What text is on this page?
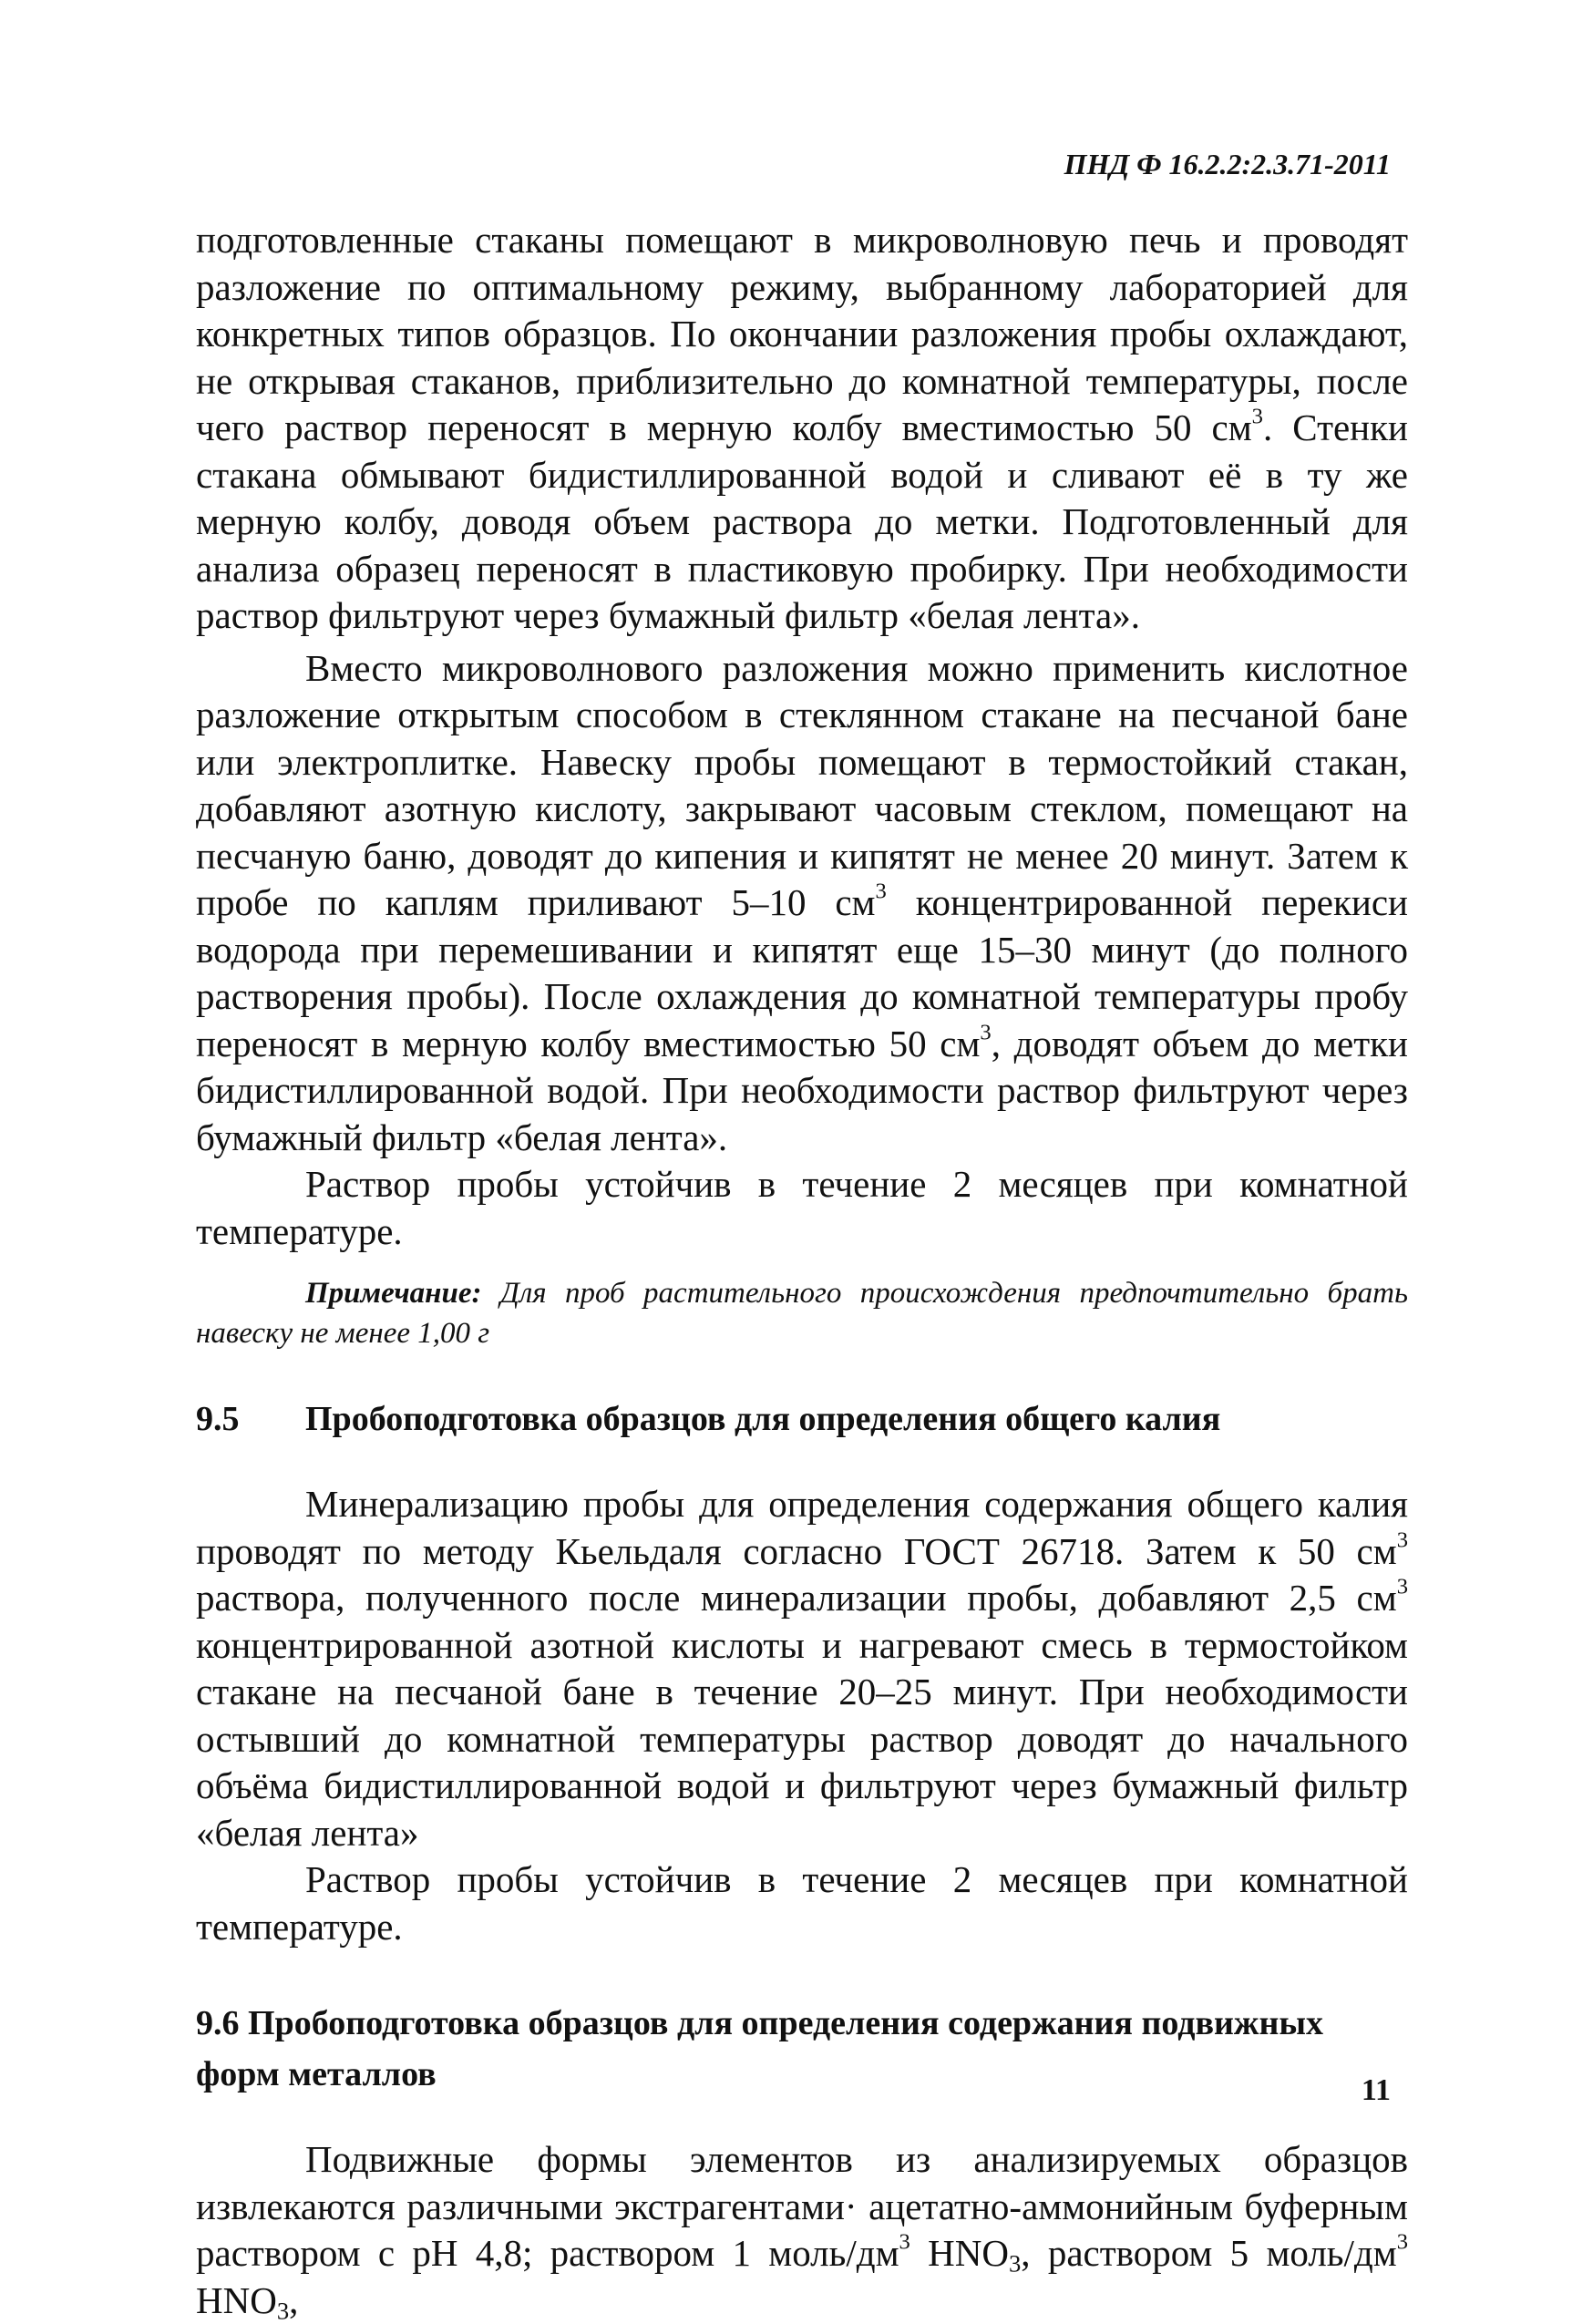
ПНД Ф 16.2.2:2.3.71-2011

подготовленные стаканы помещают в микроволновую печь и проводят разложение по оптимальному режиму, выбранному лабораторией для конкретных типов образцов. По окончании разложения пробы охлаждают, не открывая стаканов, приблизительно до комнатной температуры, после чего раствор переносят в мерную колбу вместимостью 50 $см^3$. Стенки стакана обмывают бидистиллированной водой и сливают её в ту же мерную колбу, доводя объем раствора до метки. Подготовленный для анализа образец переносят в пластиковую пробирку. При необходимости раствор фильтруют через бумажный фильтр «белая лента».

Вместо микроволнового разложения можно применить кислотное разложение открытым способом в стеклянном стакане на песчаной бане или электроплитке. Навеску пробы помещают в термостойкий стакан, добавляют азотную кислоту, закрывают часовым стеклом, помещают на песчаную баню, доводят до кипения и кипятят не менее 20 минут. Затем к пробе по каплям приливают 5–10 $см^3$ концентрированной перекиси водорода при перемешивании и кипятят еще 15–30 минут (до полного растворения пробы). После охлаждения до комнатной температуры пробу переносят в мерную колбу вместимостью 50 $см^3$, доводят объем до метки бидистиллированной водой. При необходимости раствор фильтруют через бумажный фильтр «белая лента».

Раствор пробы устойчив в течение 2 месяцев при комнатной температуре.

Примечание: Для проб растительного происхождения предпочтительно брать навеску не менее 1,00 г

9.5	Пробоподготовка образцов для определения общего калия

Минерализацию пробы для определения содержания общего калия проводят по методу Кьельдаля согласно ГОСТ 26718. Затем к 50 $см^3$ раствора, полученного после минерализации пробы, добавляют 2,5 $см^3$ концентрированной азотной кислоты и нагревают смесь в термостойком стакане на песчаной бане в течение 20–25 минут. При необходимости остывший до комнатной температуры раствор доводят до начального объёма бидистиллированной водой и фильтруют через бумажный фильтр «белая лента»

Раствор пробы устойчив в течение 2 месяцев при комнатной температуре.

9.6 Пробоподготовка образцов для определения содержания подвижных форм металлов

Подвижные формы элементов из анализируемых образцов извлекаются различными экстрагентами· ацетатно-аммонийным буферным раствором с pH 4,8; раствором 1 моль/$дм^3$ $HNO_3$, раствором 5 моль/$дм^3$ $HNO_3$,

11
